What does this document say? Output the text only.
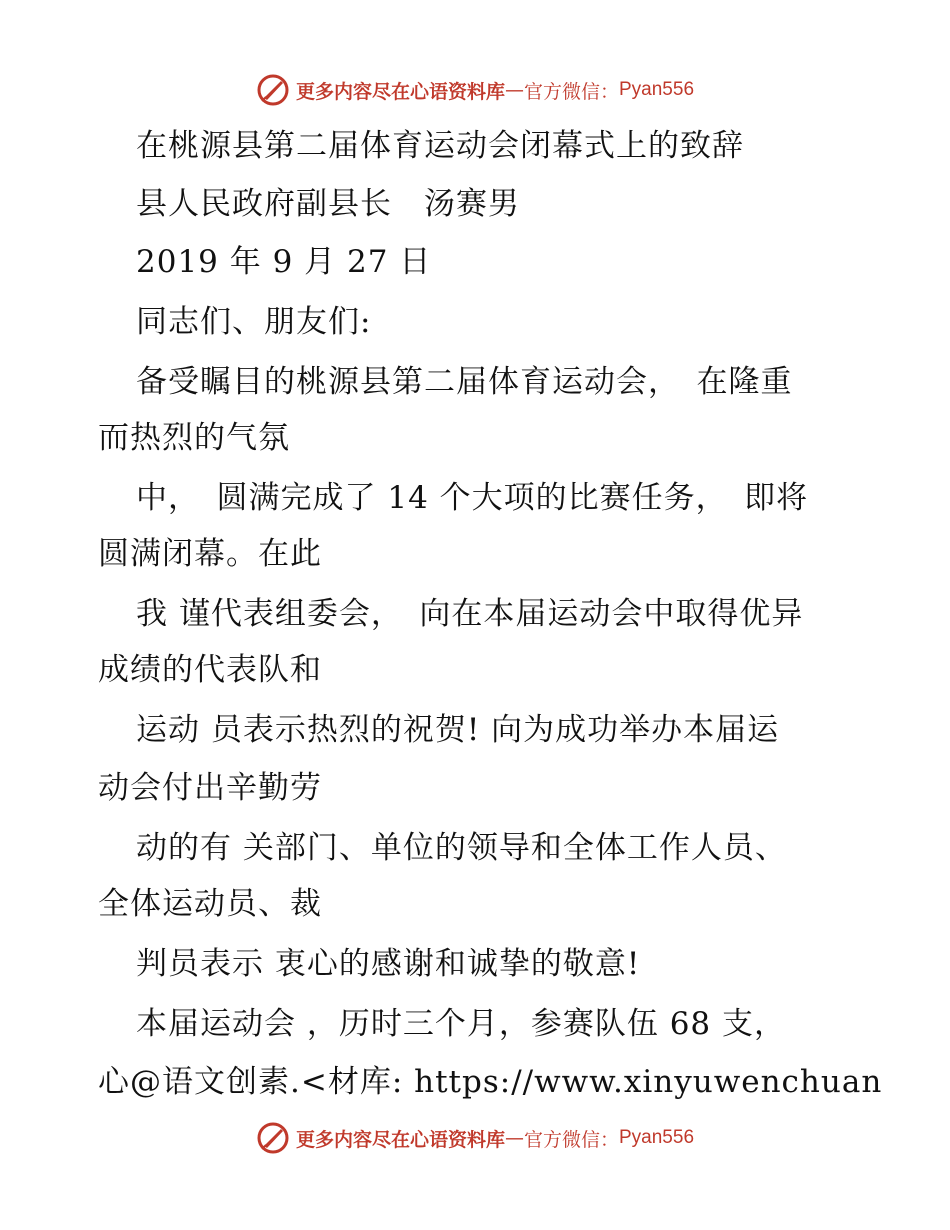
更多内容尽在心语资料库 — 官方微信： Pyan556
在桃源县第二届体育运动会闭幕式上的致辞
县人民政府副县长　汤赛男
2019 年 9 月 27 日
同志们、朋友们:
备受瞩目的桃源县第二届体育运动会，　在隆重
而热烈的气氛
中，　圆满完成了 14 个大项的比赛任务，　即将
圆满闭幕。在此
我 谨代表组委会，　向在本届运动会中取得优异
成绩的代表队和
运动 员表示热烈的祝贺! 向为成功举办本届运
动会付出辛勤劳
动的有 关部门、单位的领导和全体工作人员、
全体运动员、裁
判员表示 衷心的感谢和诚挚的敬意!
本届运动会 ，历时三个月，参赛队伍 68 支，
心@语文创素.<材库: https://www.xinyuwenchuan
更多内容尽在心语资料库 — 官方微信： Pyan556
